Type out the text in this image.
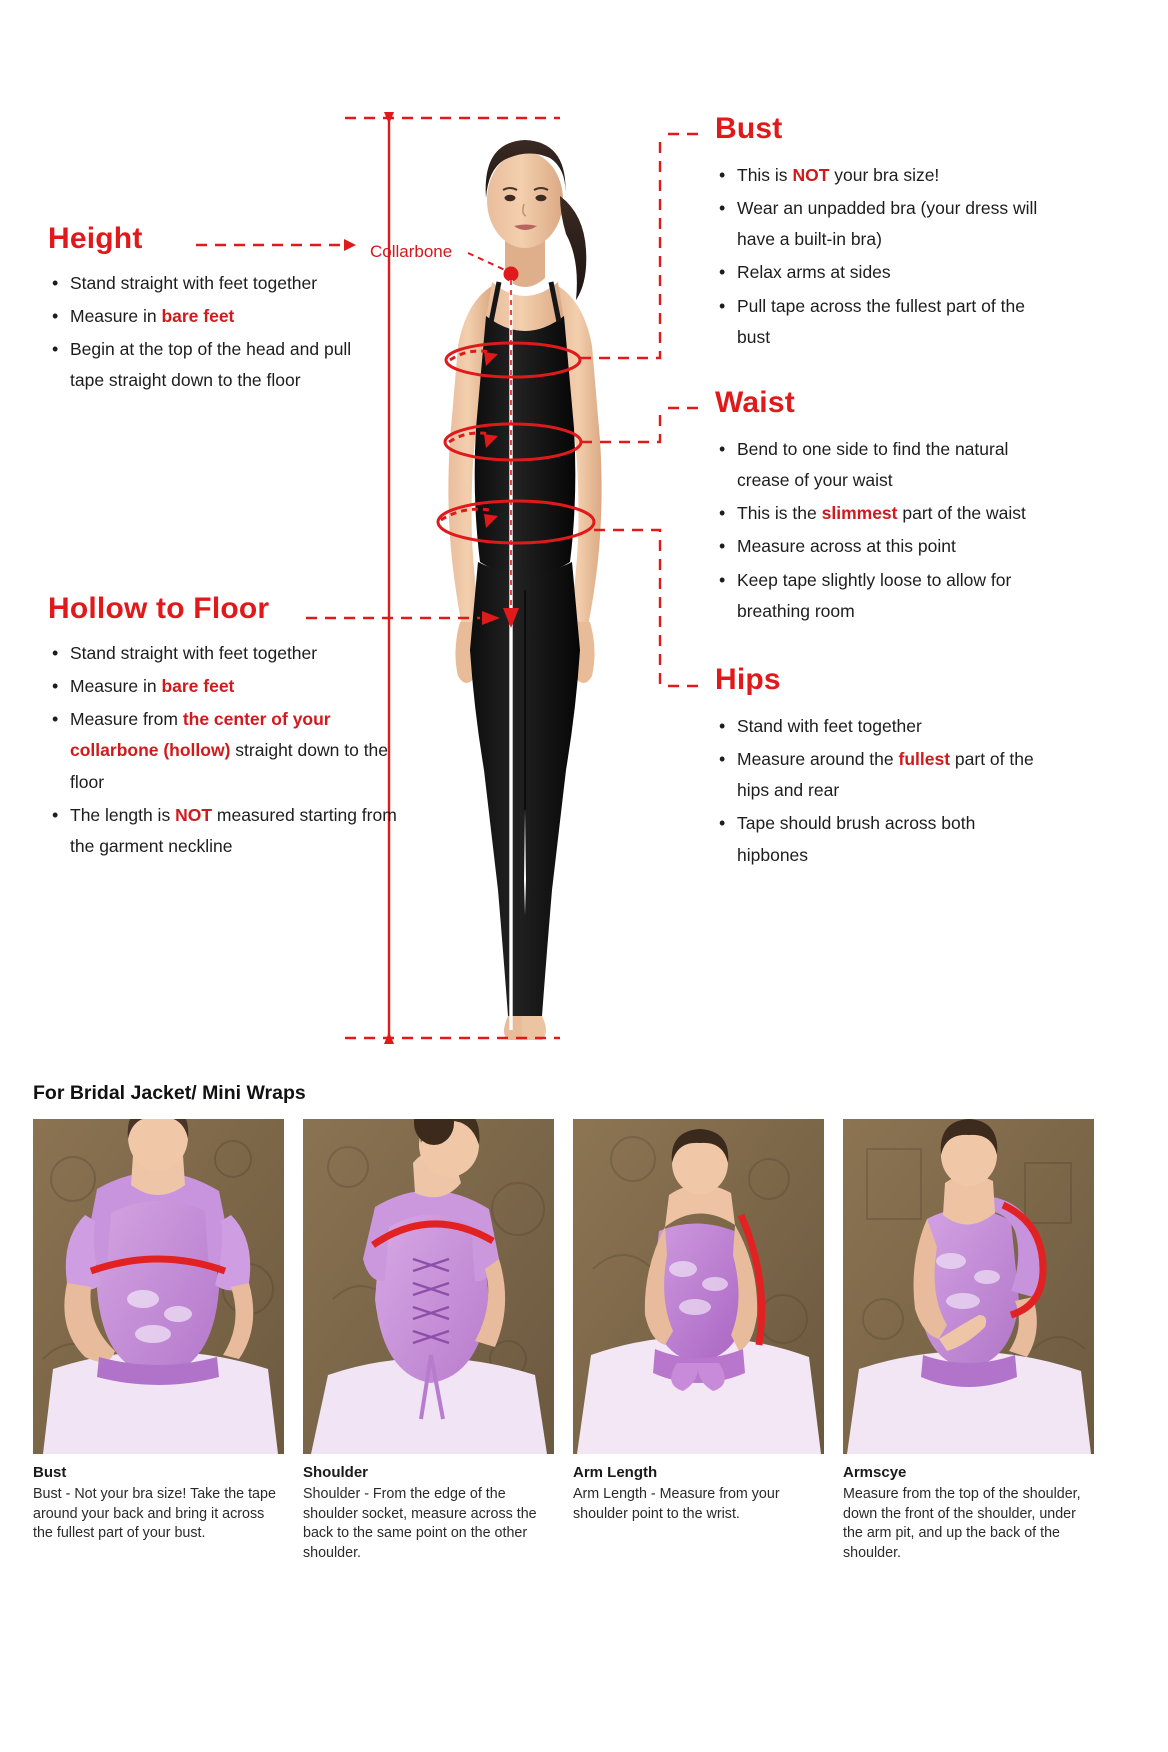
Collarbone
Height
• Stand straight with feet together
• Measure in bare feet
• Begin at the top of the head and pull tape straight down to the floor
Hollow to Floor
• Stand straight with feet together
• Measure in bare feet
• Measure from the center of your collarbone (hollow) straight down to the floor
• The length is NOT measured starting from the garment neckline
Bust
• This is NOT your bra size!
• Wear an unpadded bra (your dress will have a built-in bra)
• Relax arms at sides
• Pull tape across the fullest part of the bust
Waist
• Bend to one side to find the natural crease of your waist
• This is the slimmest part of the waist
• Measure across at this point
• Keep tape slightly loose to allow for breathing room
Hips
• Stand with feet together
• Measure around the fullest part of the hips and rear
• Tape should brush across both hipbones
For Bridal Jacket/ Mini Wraps
Bust
Bust - Not your bra size! Take the tape around your back and bring it across the fullest part of your bust.
Shoulder
Shoulder - From the edge of the shoulder socket, measure across the back to the same point on the other shoulder.
Arm Length
Arm Length - Measure from your shoulder point to the wrist.
Armscye
Measure from the top of the shoulder, down the front of the shoulder, under the arm pit, and up the back of the shoulder.
